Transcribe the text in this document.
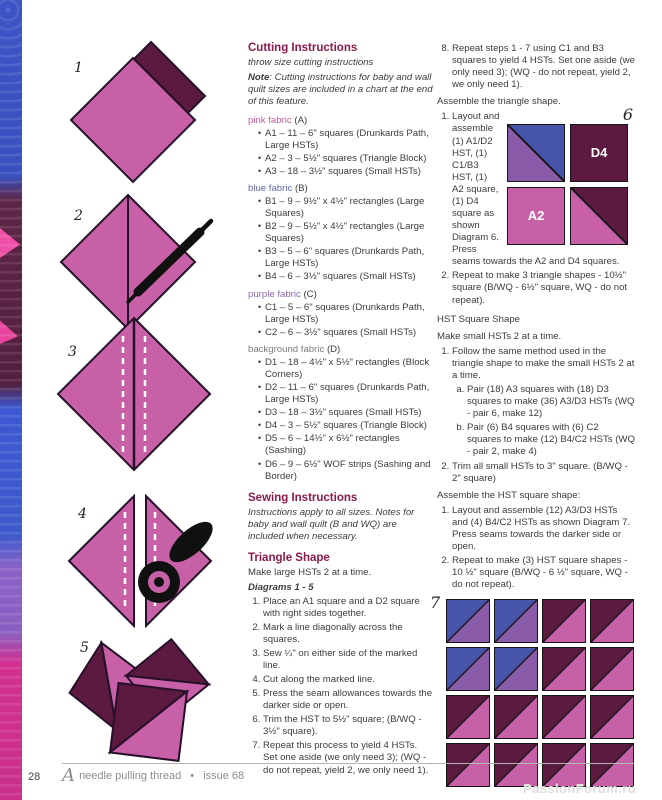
1
2
3
4
5
Cutting Instructions

throw size cutting instructions

Note: Cutting instructions for baby and wall quilt sizes are included in a chart at the end of this feature.

pink fabric (A)

• A1 – 11 – 6" squares (Drunkards Path, Large HSTs)
• A2 – 3 – 5½" squares (Triangle Block)
• A3 – 18 – 3½" squares (Small HSTs)

blue fabric (B)

• B1 – 9 – 9½" x 4½" rectangles (Large Squares)
• B2 – 9 – 5½" x 4½" rectangles (Large Squares)
• B3 – 5 – 6" squares (Drunkards Path, Large HSTs)
• B4 – 6 – 3½" squares (Small HSTs)

purple fabric (C)

• C1 – 5 – 6" squares (Drunkards Path, Large HSTs)
• C2 – 6 – 3½" squares (Small HSTs)

background fabric (D)

• D1 – 18 – 4½" x 5½" rectangles (Block Corners)
• D2 – 11 – 6" squares (Drunkards Path, Large HSTs)
• D3 – 18 – 3½" squares (Small HSTs)
• D4 – 3 – 5½" squares (Triangle Block)
• D5 – 6 – 14½" x 6½" rectangles (Sashing)
• D6 – 9 – 6½" WOF strips (Sashing and Border)
Sewing Instructions

Instructions apply to all sizes. Notes for baby and wall quilt (B and WQ) are included when necessary.

Triangle Shape

Make large HSTs 2 at a time.

Diagrams 1 - 5

1. Place an A1 square and a D2 square with right sides together.
2. Mark a line diagonally across the squares.
3. Sew ¼" on either side of the marked line.
4. Cut along the marked line.
5. Press the seam allowances towards the darker side or open.
6. Trim the HST to 5½" square; (B/WQ - 3½" square).
7. Repeat this process to yield 4 HSTs. Set one aside (we only need 3); (WQ - do not repeat, yield 2, we only need 1).
8. Repeat steps 1 - 7 using C1 and B3 squares to yield 4 HSTs. Set one aside (we only need 3); (WQ - do not repeat, yield 2, we only need 1).

Assemble the triangle shape.

1. 6
D4
A2
Layout and assemble (1) A1/D2 HST, (1) C1/B3 HST, (1) A2 square, (1) D4 square as shown Diagram 6. Press seams towards the A2 and D4 squares.
2. Repeat to make 3 triangle shapes - 10½" square (B/WQ - 6½" square, WQ - do not repeat).

HST Square Shape

Make small HSTs 2 at a time.

1. Follow the same method used in the triangle shape to make the small HSTs 2 at a time.
a. Pair (18) A3 squares with (18) D3 squares to make (36) A3/D3 HSTs (WQ - pair 6, make 12)
b. Pair (6) B4 squares with (6) C2 squares to make (12) B4/C2 HSTs (WQ - pair 2, make 4)
2. Trim all small HSTs to 3" square. (B/WQ - 2" square)

Assemble the HST square shape:

1. Layout and assemble (12) A3/D3 HSTs and (4) B4/C2 HSTs as shown Diagram 7. Press seams towards the darker side or open.
2. Repeat to make (3) HST square shapes - 10 ½" square (B/WQ - 6 ½" square, WQ - do not repeat).
7
28 A needle pulling thread • issue 68
PassionForum.ru
